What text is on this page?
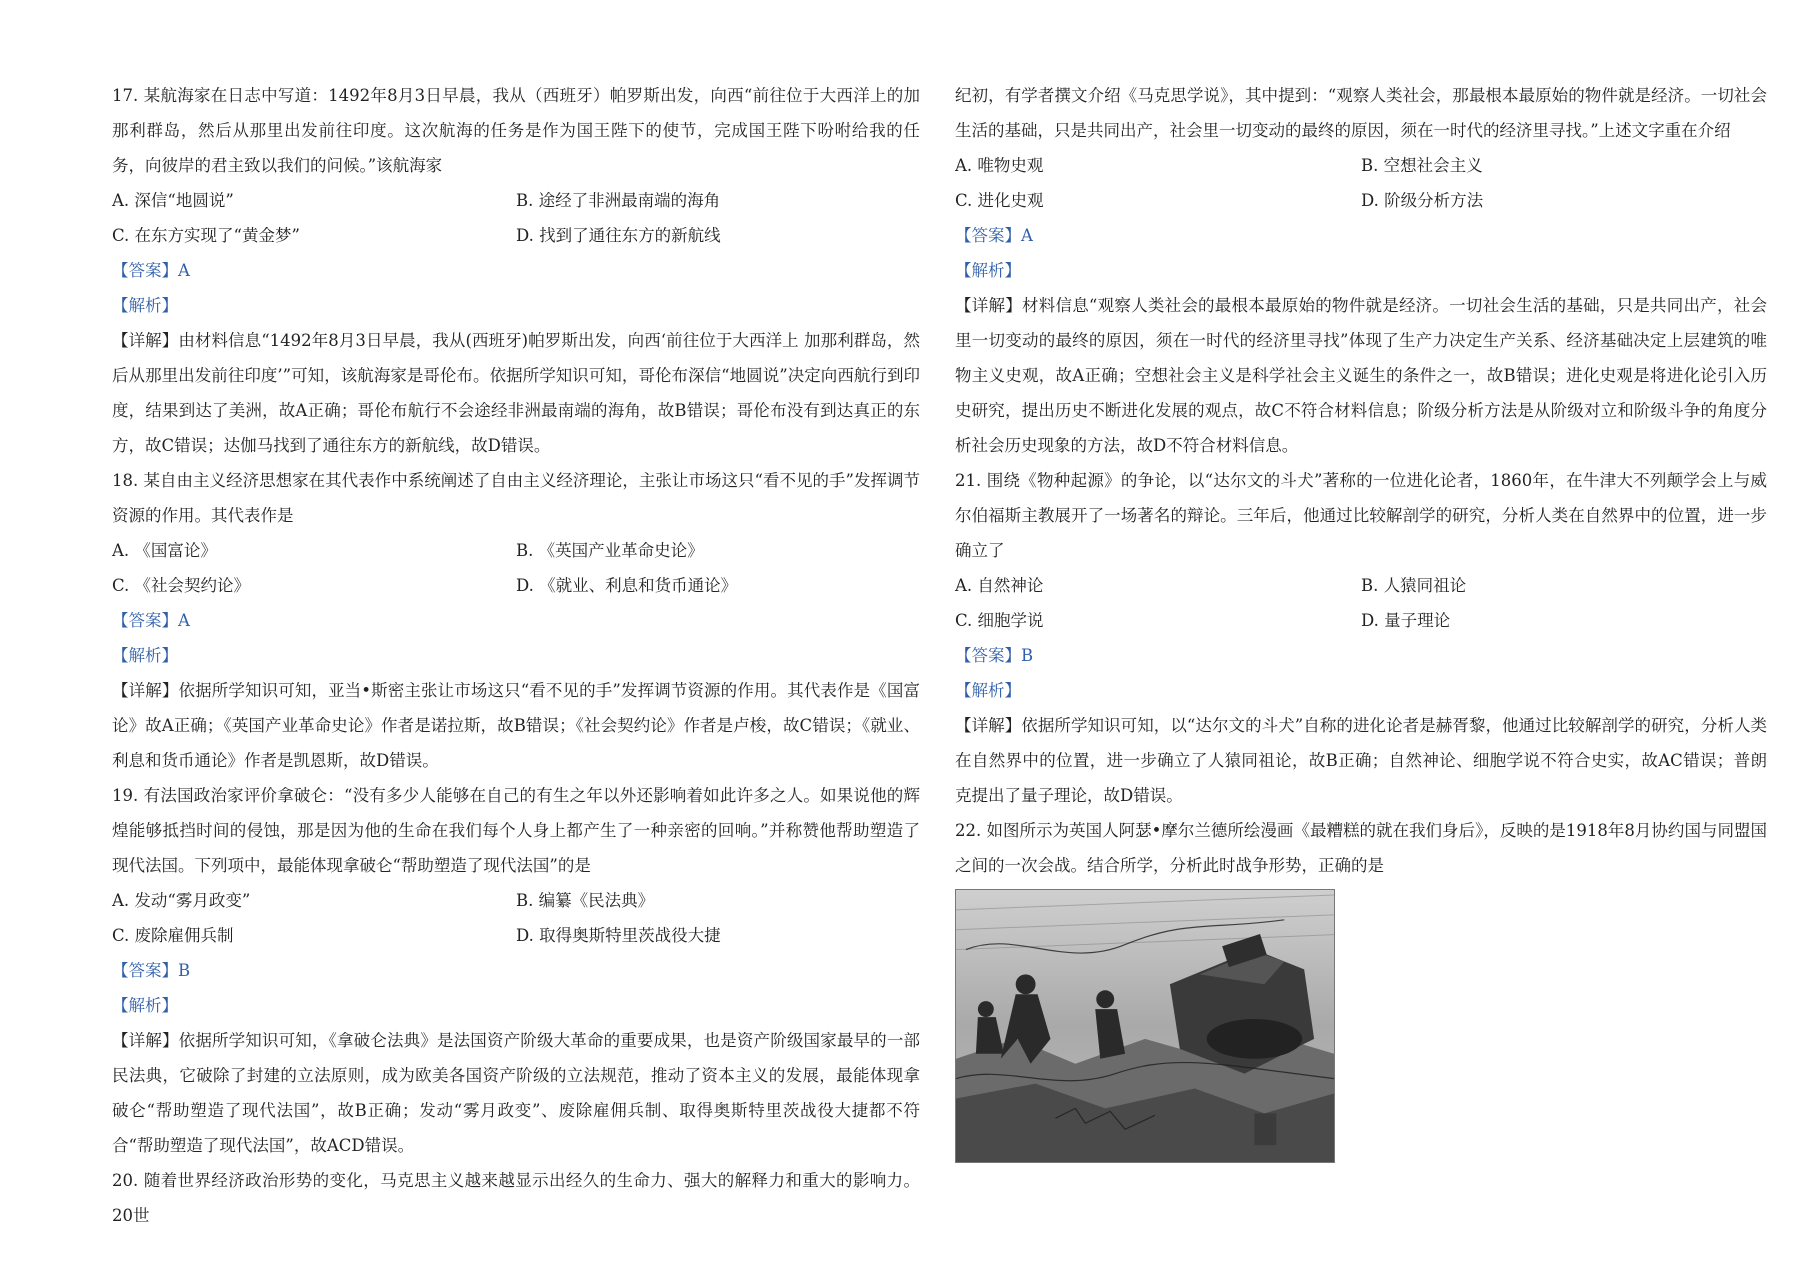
17. 某航海家在日志中写道：1492年8月3日早晨，我从（西班牙）帕罗斯出发，向西“前往位于大西洋上的加那利群岛，然后从那里出发前往印度。这次航海的任务是作为国王陛下的使节，完成国王陛下吩咐给我的任务，向彼岸的君主致以我们的问候。”该航海家

A. 深信“地圆说”	B. 途经了非洲最南端的海角
C. 在东方实现了“黄金梦”	D. 找到了通往东方的新航线

【答案】A

【解析】

【详解】由材料信息“1492年8月3日早晨，我从(西班牙)帕罗斯出发，向西‘前往位于大西洋上 加那利群岛，然后从那里出发前往印度’”可知，该航海家是哥伦布。依据所学知识可知，哥伦布深信“地圆说”决定向西航行到印度，结果到达了美洲，故A正确；哥伦布航行不会途经非洲最南端的海角，故B错误；哥伦布没有到达真正的东方，故C错误；达伽马找到了通往东方的新航线，故D错误。

18. 某自由主义经济思想家在其代表作中系统阐述了自由主义经济理论，主张让市场这只“看不见的手”发挥调节资源的作用。其代表作是

A. 《国富论》	B. 《英国产业革命史论》
C. 《社会契约论》	D. 《就业、利息和货币通论》

【答案】A

【解析】

【详解】依据所学知识可知，亚当•斯密主张让市场这只“看不见的手”发挥调节资源的作用。其代表作是《国富论》故A正确；《英国产业革命史论》作者是诺拉斯，故B错误；《社会契约论》作者是卢梭，故C错误；《就业、利息和货币通论》作者是凯恩斯，故D错误。

19. 有法国政治家评价拿破仑：“没有多少人能够在自己的有生之年以外还影响着如此许多之人。如果说他的辉煌能够抵挡时间的侵蚀，那是因为他的生命在我们每个人身上都产生了一种亲密的回响。”并称赞他帮助塑造了现代法国。下列项中，最能体现拿破仑“帮助塑造了现代法国”的是

A. 发动“雾月政变”	B. 编纂《民法典》
C. 废除雇佣兵制	D. 取得奥斯特里茨战役大捷

【答案】B

【解析】

【详解】依据所学知识可知，《拿破仑法典》是法国资产阶级大革命的重要成果，也是资产阶级国家最早的一部民法典，它破除了封建的立法原则，成为欧美各国资产阶级的立法规范，推动了资本主义的发展，最能体现拿破仑“帮助塑造了现代法国”，故B正确；发动“雾月政变”、废除雇佣兵制、取得奥斯特里茨战役大捷都不符合“帮助塑造了现代法国”，故ACD错误。

20. 随着世界经济政治形势的变化，马克思主义越来越显示出经久的生命力、强大的解释力和重大的影响力。20世

纪初，有学者撰文介绍《马克思学说》，其中提到：“观察人类社会，那最根本最原始的物件就是经济。一切社会生活的基础，只是共同出产，社会里一切变动的最终的原因，须在一时代的经济里寻找。”上述文字重在介绍

A. 唯物史观	B. 空想社会主义
C. 进化史观	D. 阶级分析方法

【答案】A

【解析】

【详解】材料信息“观察人类社会的最根本最原始的物件就是经济。一切社会生活的基础，只是共同出产，社会里一切变动的最终的原因，须在一时代的经济里寻找”体现了生产力决定生产关系、经济基础决定上层建筑的唯物主义史观，故A正确；空想社会主义是科学社会主义诞生的条件之一，故B错误；进化史观是将进化论引入历史研究，提出历史不断进化发展的观点，故C不符合材料信息；阶级分析方法是从阶级对立和阶级斗争的角度分析社会历史现象的方法，故D不符合材料信息。

21. 围绕《物种起源》的争论，以“达尔文的斗犬”著称的一位进化论者，1860年，在牛津大不列颠学会上与威尔伯福斯主教展开了一场著名的辩论。三年后，他通过比较解剖学的研究，分析人类在自然界中的位置，进一步确立了

A. 自然神论	B. 人猿同祖论
C. 细胞学说	D. 量子理论

【答案】B

【解析】

【详解】依据所学知识可知，以“达尔文的斗犬”自称的进化论者是赫胥黎，他通过比较解剖学的研究，分析人类在自然界中的位置，进一步确立了人猿同祖论，故B正确；自然神论、细胞学说不符合史实，故AC错误；普朗克提出了量子理论，故D错误。

22. 如图所示为英国人阿瑟•摩尔兰德所绘漫画《最糟糕的就在我们身后》，反映的是1918年8月协约国与同盟国之间的一次会战。结合所学，分析此时战争形势，正确的是
